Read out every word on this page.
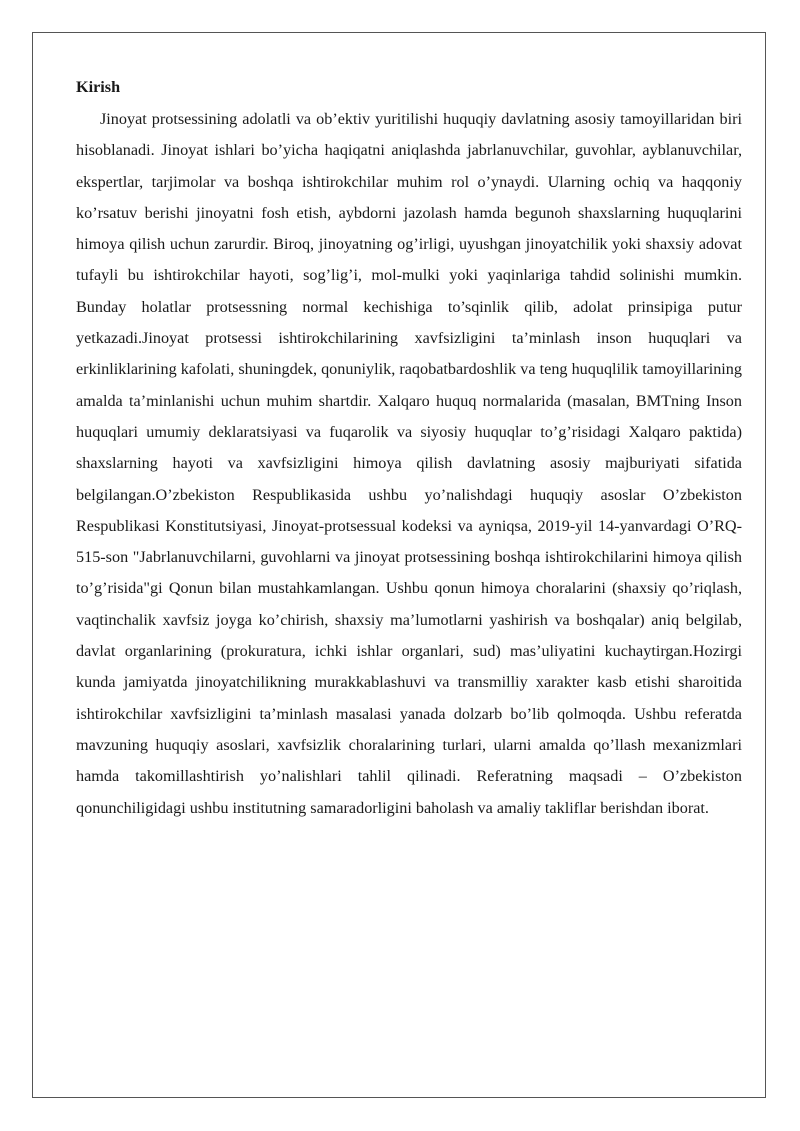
Kirish

Jinoyat protsessining adolatli va ob’ektiv yuritilishi huquqiy davlatning asosiy tamoyillaridan biri hisoblanadi. Jinoyat ishlari bo’yicha haqiqatni aniqlashda jabrlanuvchilar, guvohlar, ayblanuvchilar, ekspertlar, tarjimolar va boshqa ishtirokchilar muhim rol o’ynaydi. Ularning ochiq va haqqoniy ko’rsatuv berishi jinoyatni fosh etish, aybdorni jazolash hamda begunoh shaxslarning huquqlarini himoya qilish uchun zarurdir. Biroq, jinoyatning og’irligi, uyushgan jinoyatchilik yoki shaxsiy adovat tufayli bu ishtirokchilar hayoti, sog’lig’i, mol-mulki yoki yaqinlariga tahdid solinishi mumkin. Bunday holatlar protsessning normal kechishiga to’sqinlik qilib, adolat prinsipiga putur yetkazadi.Jinoyat protsessi ishtirokchilarining xavfsizligini ta’minlash inson huquqlari va erkinliklarining kafolati, shuningdek, qonuniylik, raqobatbardoshlik va teng huquqlilik tamoyillarining amalda ta’minlanishi uchun muhim shartdir. Xalqaro huquq normalarida (masalan, BMTning Inson huquqlari umumiy deklaratsiyasi va fuqarolik va siyosiy huquqlar to’g’risidagi Xalqaro paktida) shaxslarning hayoti va xavfsizligini himoya qilish davlatning asosiy majburiyati sifatida belgilangan.O’zbekiston Respublikasida ushbu yo’nalishdagi huquqiy asoslar O’zbekiston Respublikasi Konstitutsiyasi, Jinoyat-protsessual kodeksi va ayniqsa, 2019-yil 14-yanvardagi O’RQ-515-son "Jabrlanuvchilarni, guvohlarni va jinoyat protsessining boshqa ishtirokchilarini himoya qilish to’g’risida"gi Qonun bilan mustahkamlangan. Ushbu qonun himoya choralarini (shaxsiy qo’riqlash, vaqtinchalik xavfsiz joyga ko’chirish, shaxsiy ma’lumotlarni yashirish va boshqalar) aniq belgilab, davlat organlarining (prokuratura, ichki ishlar organlari, sud) mas’uliyatini kuchaytirgan.Hozirgi kunda jamiyatda jinoyatchilikning murakkablashuvi va transmilliy xarakter kasb etishi sharoitida ishtirokchilar xavfsizligini ta’minlash masalasi yanada dolzarb bo’lib qolmoqda. Ushbu referatda mavzuning huquqiy asoslari, xavfsizlik choralarining turlari, ularni amalda qo’llash mexanizmlari hamda takomillashtirish yo’nalishlari tahlil qilinadi. Referatning maqsadi – O’zbekiston qonunchiligidagi ushbu institutning samaradorligini baholash va amaliy takliflar berishdan iborat.
